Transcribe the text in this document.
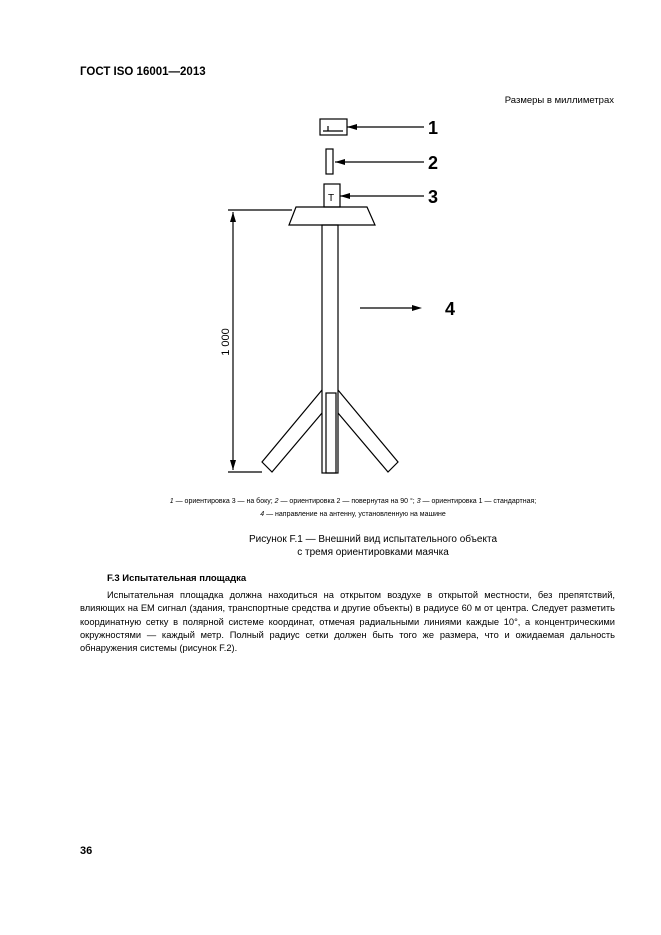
ГОСТ ISO 16001—2013
Размеры в миллиметрах
T
1
2
3
4
1 000
1 — ориентировка 3 — на боку; 2 — ориентировка 2 — повернутая на 90 °; 3 — ориентировка 1 — стандартная;
4 — направление на антенну, установленную на машине
Рисунок F.1 — Внешний вид испытательного объекта
с тремя ориентировками маячка
F.3 Испытательная площадка
Испытательная площадка должна находиться на открытом воздухе в открытой местности, без препятствий, влияющих на ЕМ сигнал (здания, транспортные средства и другие объекты) в радиусе 60 м от центра. Следует разметить координатную сетку в полярной системе координат, отмечая радиальными линиями каждые 10°, а концентрическими окружностями — каждый метр. Полный радиус сетки должен быть того же размера, что и ожидаемая дальность обнаружения системы (рисунок F.2).
36
